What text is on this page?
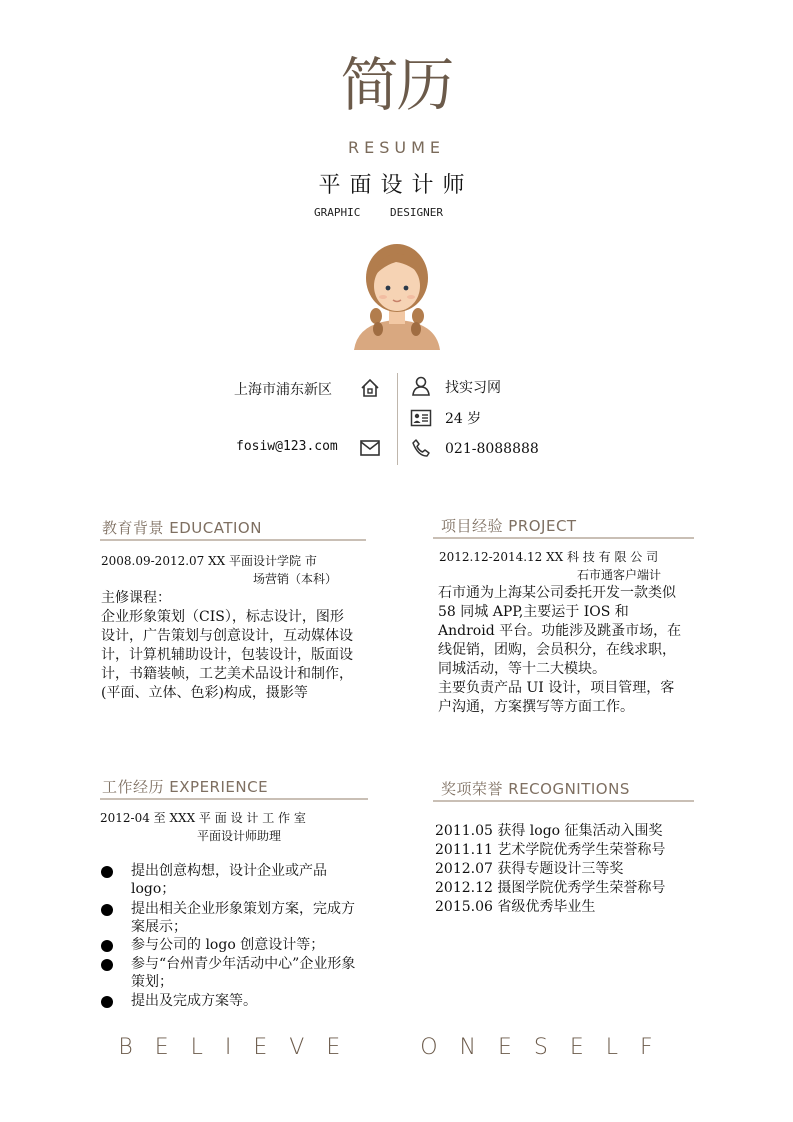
简历
RESUME
平面设计师
GRAPHIC	DESIGNER
上海市浦东新区
fosiw@123.com
找实习网
24 岁
021-8088888
教育背景 EDUCATION
2008.09-2012.07 XX 平面设计学院 市
场营销（本科）
主修课程：
企业形象策划（CIS），标志设计，图形设计，广告策划与创意设计，互动媒体设计，计算机辅助设计，包装设计，版面设计，书籍装帧，工艺美术品设计和制作，(平面、立体、色彩)构成，摄影等
项目经验 PROJECT
2012.12-2014.12 XX 科 技 有 限 公 司
石市通客户端计
石市通为上海某公司委托开发一款类似 58 同城 APP,主要运于 IOS 和 Android 平台。功能涉及跳蚤市场，在线促销，团购，会员积分，在线求职，同城活动，等十二大模块。
主要负责产品 UI 设计，项目管理，客户沟通，方案撰写等方面工作。
工作经历 EXPERIENCE
2012-04 至 XXX 平 面 设 计 工 作 室
平面设计师助理
提出创意构想，设计企业或产品 logo；
提出相关企业形象策划方案，完成方案展示；
参与公司的 logo 创意设计等；
参与“台州青少年活动中心”企业形象策划；
提出及完成方案等。
奖项荣誉 RECOGNITIONS
2011.05 获得 logo 征集活动入围奖
2011.11 艺术学院优秀学生荣誉称号
2012.07 获得专题设计三等奖
2012.12 摄图学院优秀学生荣誉称号
2015.06 省级优秀毕业生
BELIEVE  ONESELF
